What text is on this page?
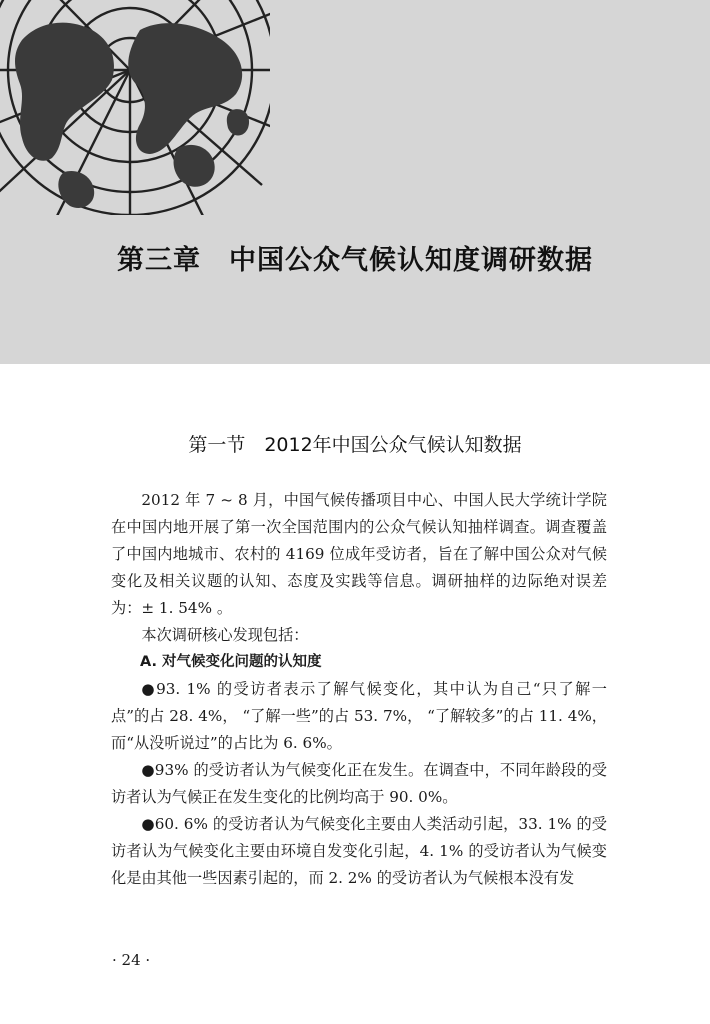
第三章　中国公众气候认知度调研数据
第一节　2012年中国公众气候认知数据

2012 年 7 ~ 8 月，中国气候传播项目中心、中国人民大学统计学院在中国内地开展了第一次全国范围内的公众气候认知抽样调查。调查覆盖了中国内地城市、农村的 4169 位成年受访者，旨在了解中国公众对气候变化及相关议题的认知、态度及实践等信息。调研抽样的边际绝对误差为：± 1. 54% 。

本次调研核心发现包括：

A. 对气候变化问题的认知度

●93. 1% 的受访者表示了解气候变化，其中认为自己“只了解一点”的占 28. 4%， “了解一些”的占 53. 7%， “了解较多”的占 11. 4%， 而“从没听说过”的占比为 6. 6%。

●93% 的受访者认为气候变化正在发生。在调查中，不同年龄段的受访者认为气候正在发生变化的比例均高于 90. 0%。

●60. 6% 的受访者认为气候变化主要由人类活动引起，33. 1% 的受访者认为气候变化主要由环境自发变化引起，4. 1% 的受访者认为气候变化是由其他一些因素引起的，而 2. 2% 的受访者认为气候根本没有发

· 24 ·
